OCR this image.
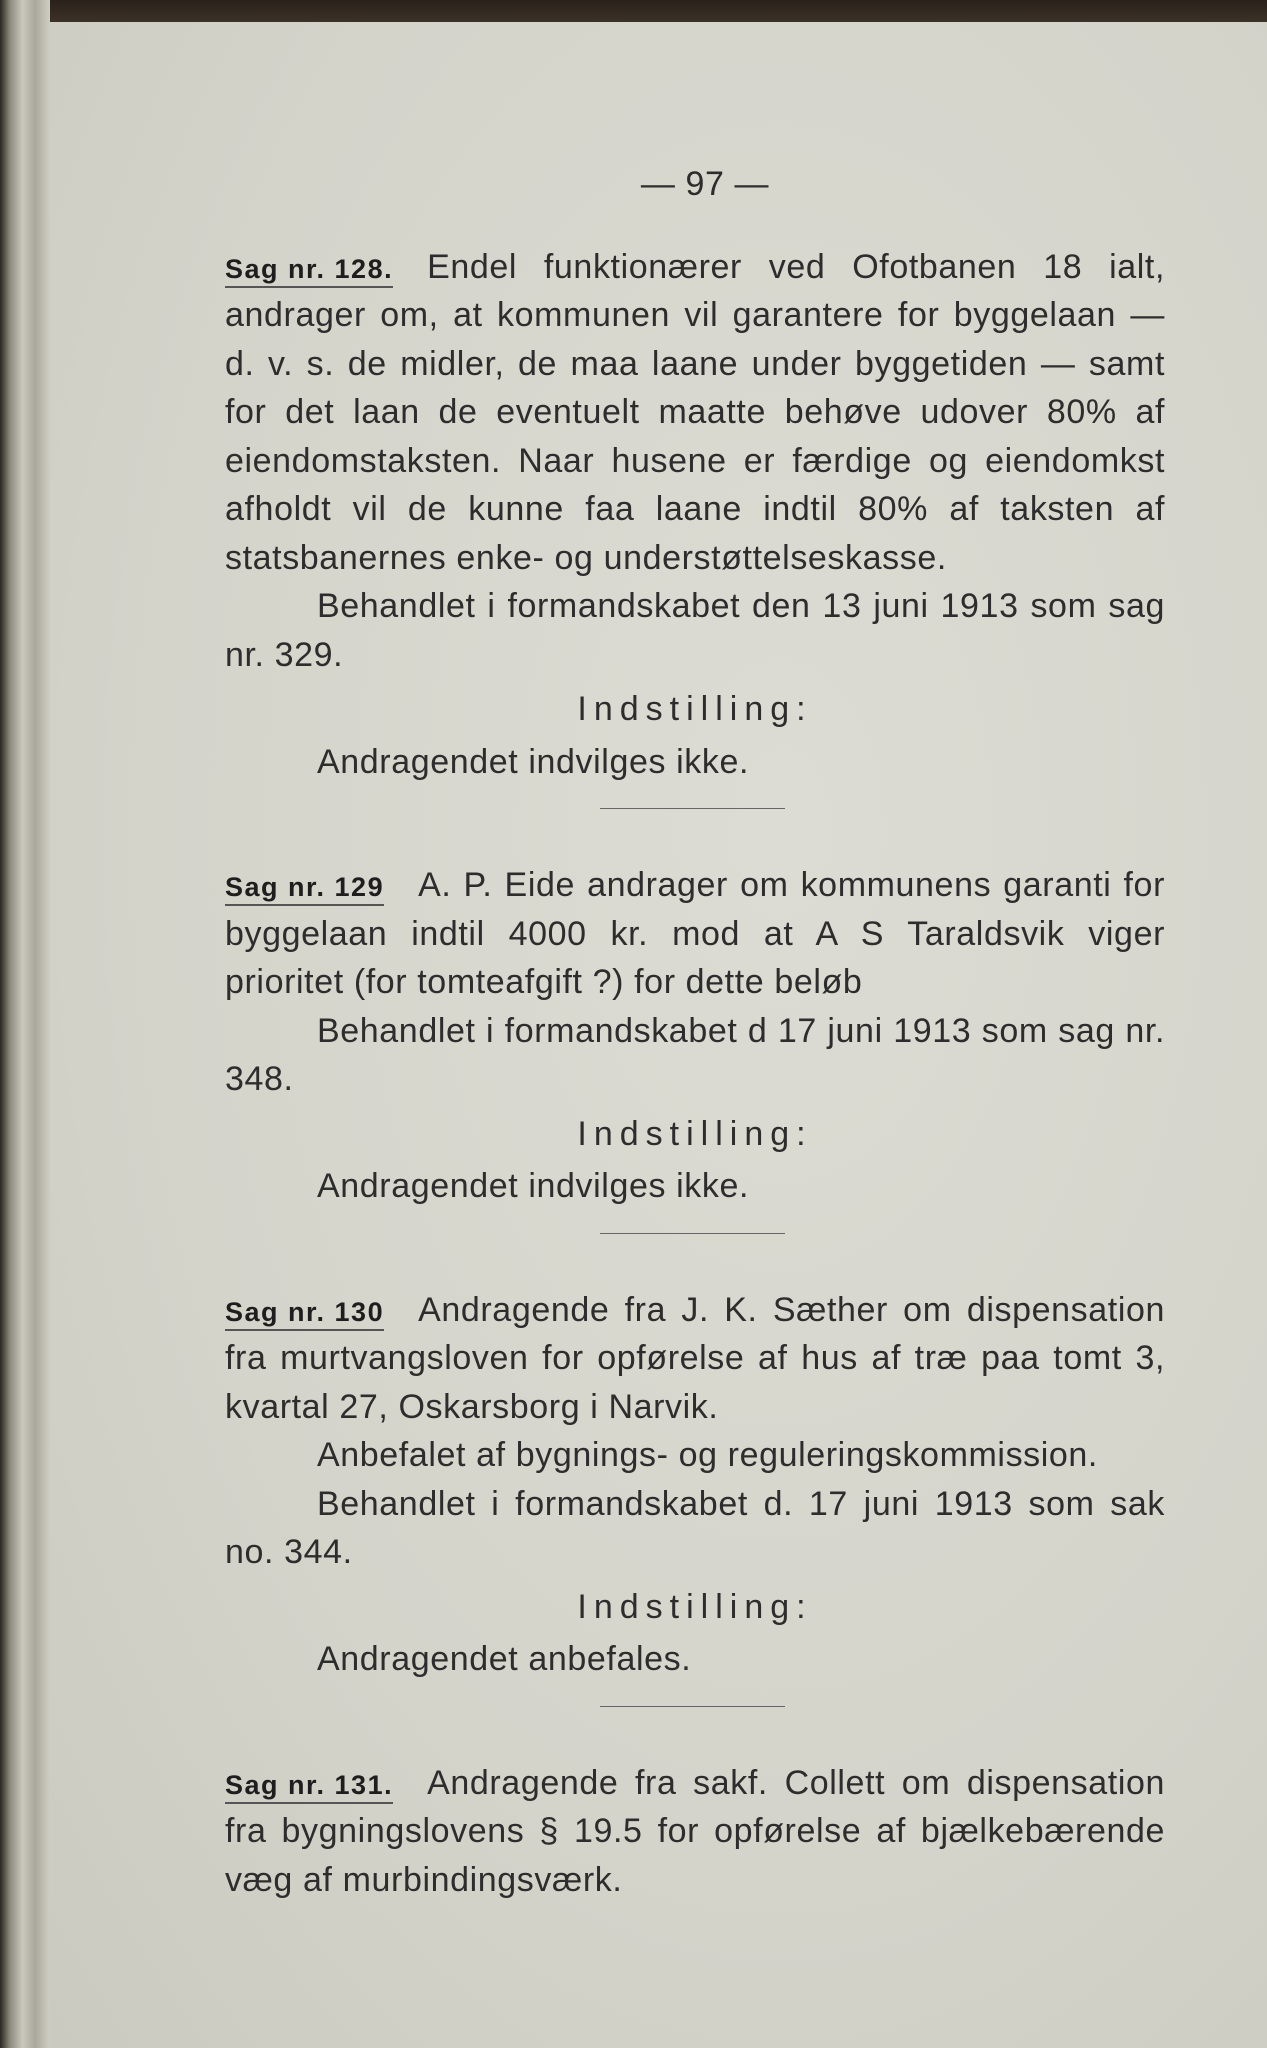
— 97 —

Sag nr. 128. Endel funktionærer ved Ofotbanen 18 ialt, andrager om, at kommunen vil garantere for byggelaan — d. v. s. de midler, de maa laane under byggetiden — samt for det laan de eventuelt maatte behøve udover 80% af eiendomstaksten. Naar husene er færdige og eiendomkst afholdt vil de kunne faa laane indtil 80% af taksten af statsbanernes enke- og understøttelseskasse.

Behandlet i formandskabet den 13 juni 1913 som sag nr. 329.

Indstilling:

Andragendet indvilges ikke.

Sag nr. 129 A. P. Eide andrager om kommunens garanti for byggelaan indtil 4000 kr. mod at A S Taraldsvik viger prioritet (for tomteafgift ?) for dette beløb

Behandlet i formandskabet d 17 juni 1913 som sag nr. 348.

Indstilling:

Andragendet indvilges ikke.

Sag nr. 130 Andragende fra J. K. Sæther om dispensation fra murtvangsloven for opførelse af hus af træ paa tomt 3, kvartal 27, Oskarsborg i Narvik.

Anbefalet af bygnings- og reguleringskommission.

Behandlet i formandskabet d. 17 juni 1913 som sak no. 344.

Indstilling:

Andragendet anbefales.

Sag nr. 131. Andragende fra sakf. Collett om dispensation fra bygningslovens § 19.5 for opførelse af bjælkebærende væg af murbindingsværk.
